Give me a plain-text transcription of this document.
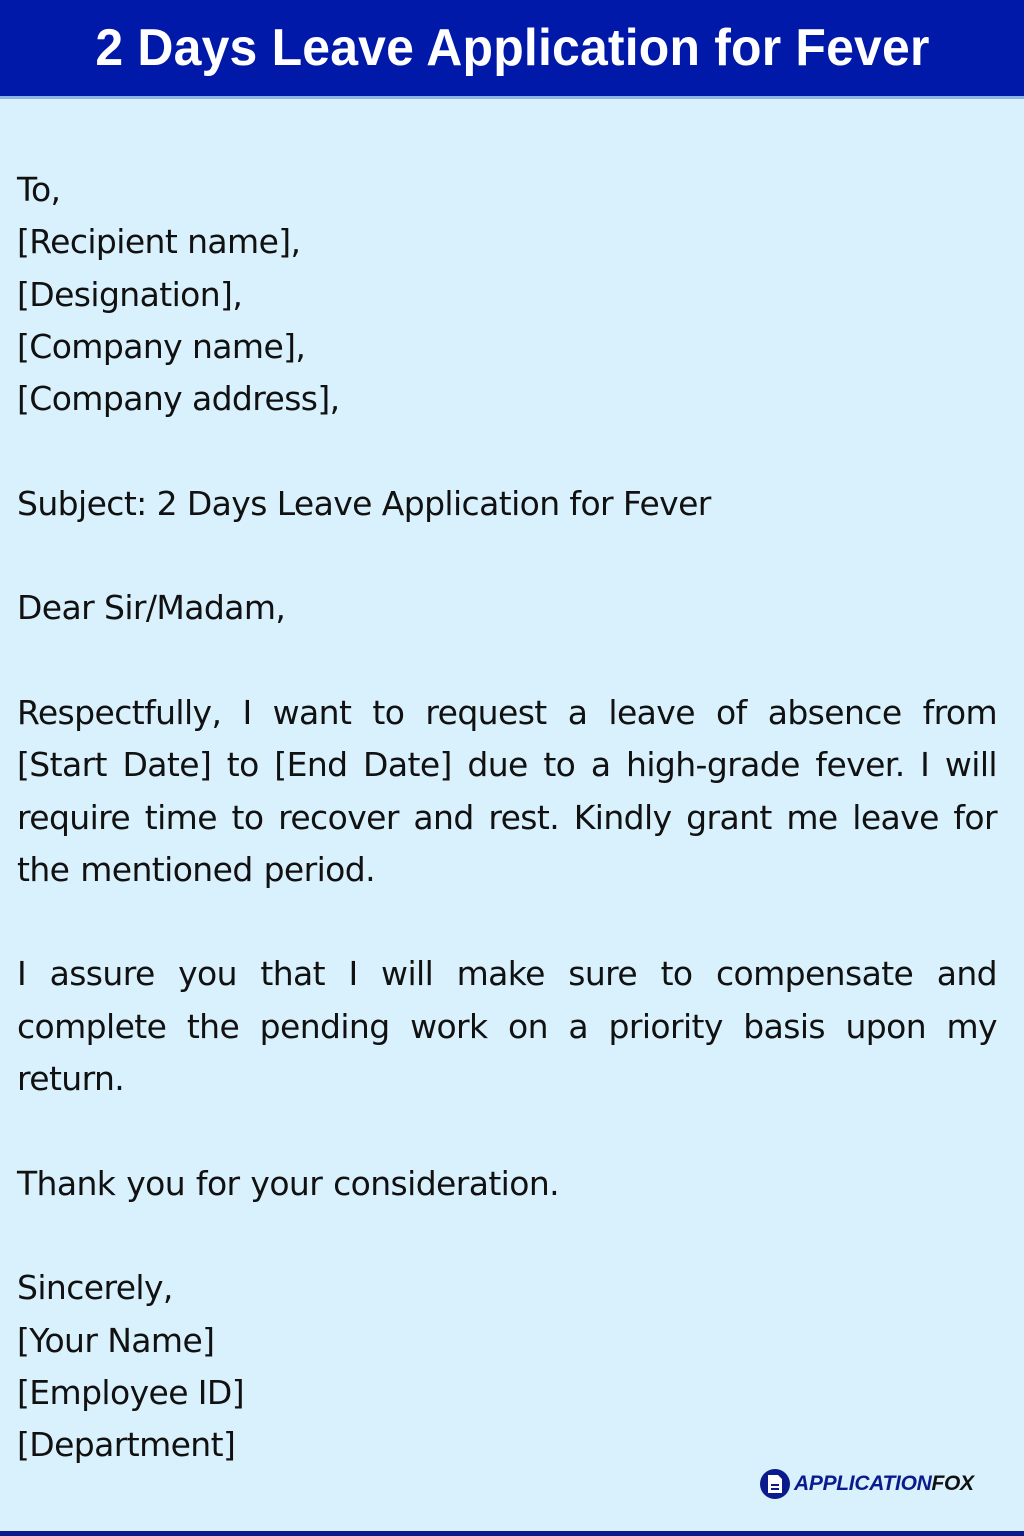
2 Days Leave Application for Fever
To,
[Recipient name],
[Designation],
[Company name],
[Company address],
Subject: 2 Days Leave Application for Fever
Dear Sir/Madam,
Respectfully, I want to request a leave of absence from [Start Date] to [End Date] due to a high-grade fever. I will require time to recover and rest. Kindly grant me leave for the mentioned period.
I assure you that I will make sure to compensate and complete the pending work on a priority basis upon my return.
Thank you for your consideration.
Sincerely,
[Your Name]
[Employee ID]
[Department]
APPLICATIONFOX
